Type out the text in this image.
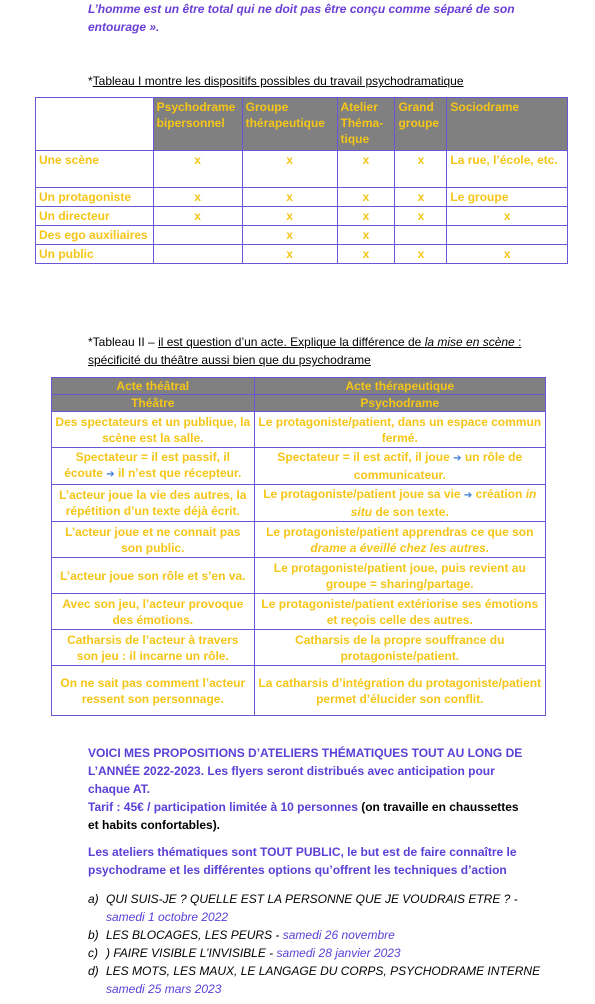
L’homme est un être total qui ne doit pas être conçu comme séparé de son entourage ».
*Tableau I montre les dispositifs possibles du travail psychodramatique
	Psychodrame bipersonnel	Groupe thérapeutique	Atelier Théma-tique	Grand groupe	Sociodrame
Une scène	x	x	x	x	La rue, l’école, etc.
Un protagoniste	x	x	x	x	Le groupe
Un directeur	x	x	x	x	x
Des ego auxiliaires		x	x		
Un public		x	x	x	x
*Tableau II – il est question d’un acte. Explique la différence de la mise en scène : spécificité du théâtre aussi bien que du psychodrame
Acte théâtral	Acte thérapeutique
Théâtre	Psychodrame
Des spectateurs et un publique, la scène est la salle.	Le protagoniste/patient, dans un espace commun fermé.
Spectateur = il est passif, il écoute ➔ il n’est que récepteur.	Spectateur = il est actif, il joue ➔ un rôle de communicateur.
L’acteur joue la vie des autres, la répétition d’un texte déjà écrit.	Le protagoniste/patient joue sa vie ➔ création in situ de son texte.
L’acteur joue et ne connait pas son public.	Le protagoniste/patient apprendras ce que son drame a éveillé chez les autres.
L’acteur joue son rôle et s’en va.	Le protagoniste/patient joue, puis revient au groupe = sharing/partage.
Avec son jeu, l’acteur provoque des émotions.	Le protagoniste/patient extériorise ses émotions et reçois celle des autres.
Catharsis de l’acteur à travers son jeu : il incarne un rôle.	Catharsis de la propre souffrance du protagoniste/patient.
On ne sait pas comment l’acteur ressent son personnage.	La catharsis d’intégration du protagoniste/patient permet d’élucider son conflit.
VOICI MES PROPOSITIONS D’ATELIERS THÉMATIQUES TOUT AU LONG DE L’ANNÉE 2022-2023. Les flyers seront distribués avec anticipation pour chaque AT.
Tarif : 45€ / participation limitée à 10 personnes (on travaille en chaussettes et habits confortables).
Les ateliers thématiques sont TOUT PUBLIC, le but est de faire connaître le psychodrame et les différentes options qu’offrent les techniques d’action
a) QUI SUIS-JE ? QUELLE EST LA PERSONNE QUE JE VOUDRAIS ETRE ? -
samedi 1 octobre 2022
b) LES BLOCAGES, LES PEURS - samedi 26 novembre
c) ) FAIRE VISIBLE L’INVISIBLE - samedi 28 janvier 2023
d) LES MOTS, LES MAUX, LE LANGAGE DU CORPS, PSYCHODRAME INTERNE
samedi 25 mars 2023
